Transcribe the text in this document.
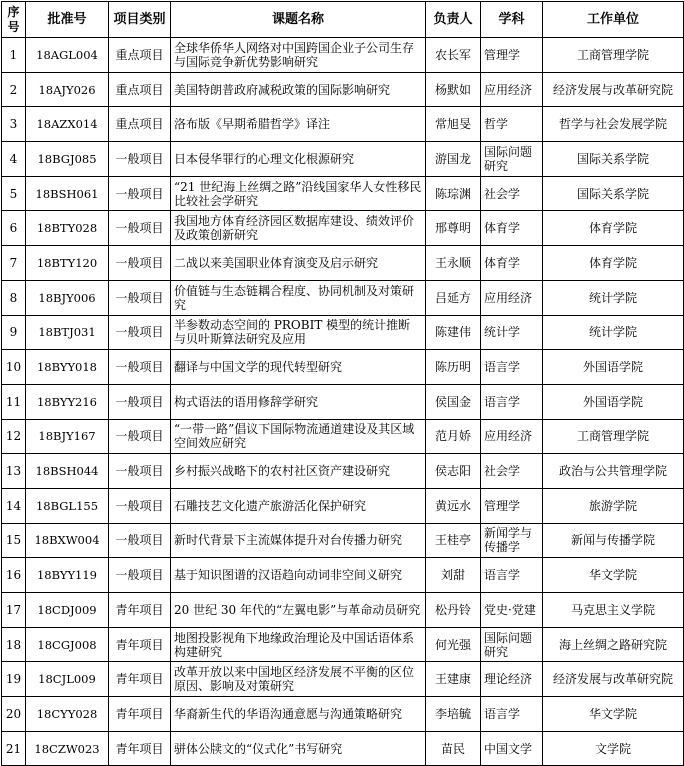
序号	批准号	项目类别	课题名称	负责人	学科	工作单位
1	18AGL004	重点项目	全球华侨华人网络对中国跨国企业子公司生存与国际竞争新优势影响研究	农长军	管理学	工商管理学院
2	18AJY026	重点项目	美国特朗普政府减税政策的国际影响研究	杨默如	应用经济	经济发展与改革研究院
3	18AZX014	重点项目	洛布版《早期希腊哲学》译注	常旭旻	哲学	哲学与社会发展学院
4	18BGJ085	一般项目	日本侵华罪行的心理文化根源研究	游国龙	国际问题研究	国际关系学院
5	18BSH061	一般项目	“21 世纪海上丝绸之路”沿线国家华人女性移民比较社会学研究	陈琮渊	社会学	国际关系学院
6	18BTY028	一般项目	我国地方体育经济园区数据库建设、绩效评价及政策创新研究	邢尊明	体育学	体育学院
7	18BTY120	一般项目	二战以来美国职业体育演变及启示研究	王永顺	体育学	体育学院
8	18BJY006	一般项目	价值链与生态链耦合程度、协同机制及对策研究	吕延方	应用经济	统计学院
9	18BTJ031	一般项目	半参数动态空间的 PROBIT 模型的统计推断与贝叶斯算法研究及应用	陈建伟	统计学	统计学院
10	18BYY018	一般项目	翻译与中国文学的现代转型研究	陈历明	语言学	外国语学院
11	18BYY216	一般项目	构式语法的语用修辞学研究	侯国金	语言学	外国语学院
12	18BJY167	一般项目	“一带一路”倡议下国际物流通道建设及其区域空间效应研究	范月娇	应用经济	工商管理学院
13	18BSH044	一般项目	乡村振兴战略下的农村社区资产建设研究	侯志阳	社会学	政治与公共管理学院
14	18BGL155	一般项目	石雕技艺文化遗产旅游活化保护研究	黄远水	管理学	旅游学院
15	18BXW004	一般项目	新时代背景下主流媒体提升对台传播力研究	王桂亭	新闻学与传播学	新闻与传播学院
16	18BYY119	一般项目	基于知识图谱的汉语趋向动词非空间义研究	刘甜	语言学	华文学院
17	18CDJ009	青年项目	20 世纪 30 年代的“左翼电影”与革命动员研究	松丹铃	党史·党建	马克思主义学院
18	18CGJ008	青年项目	地图投影视角下地缘政治理论及中国话语体系构建研究	何光强	国际问题研究	海上丝绸之路研究院
19	18CJL009	青年项目	改革开放以来中国地区经济发展不平衡的区位原因、影响及对策研究	王建康	理论经济	经济发展与改革研究院
20	18CYY028	青年项目	华裔新生代的华语沟通意愿与沟通策略研究	李培毓	语言学	华文学院
21	18CZW023	青年项目	骈体公牍文的“仪式化”书写研究	苗民	中国文学	文学院
